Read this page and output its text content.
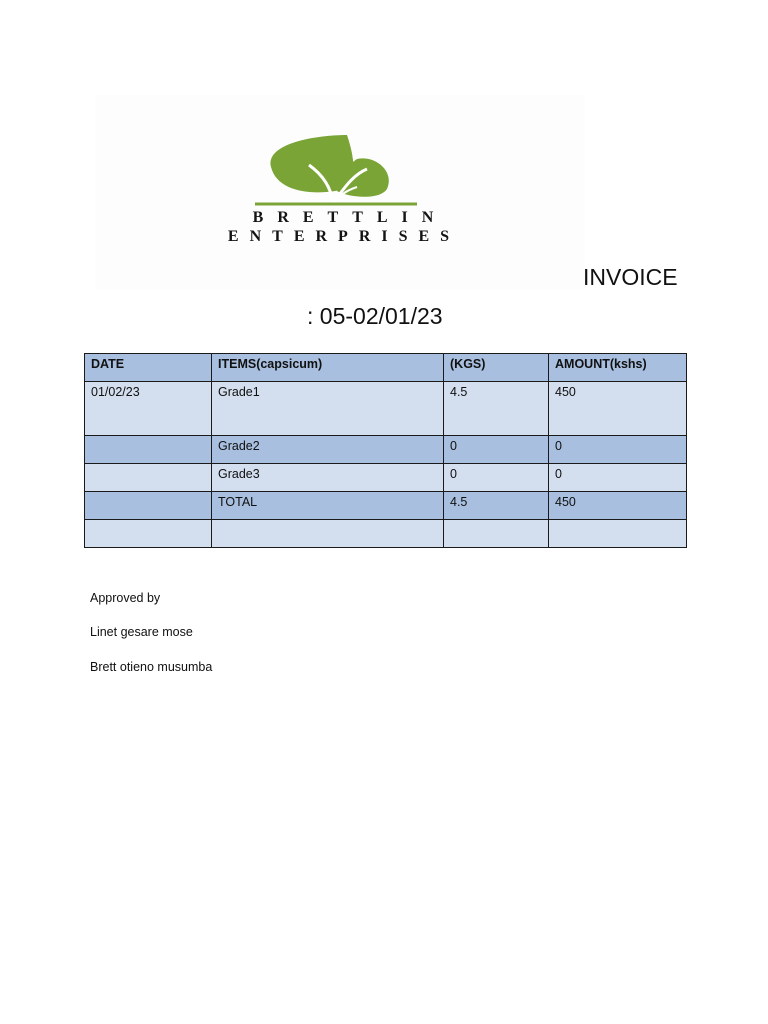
BRETTLIN
ENTERPRISES
INVOICE
: 05-02/01/23
DATE	ITEMS(capsicum)	(KGS)	AMOUNT(kshs)
01/02/23	Grade1	4.5	450
	Grade2	0	0
	Grade3	0	0
	TOTAL	4.5	450

Approved by
Linet gesare mose
Brett otieno musumba
